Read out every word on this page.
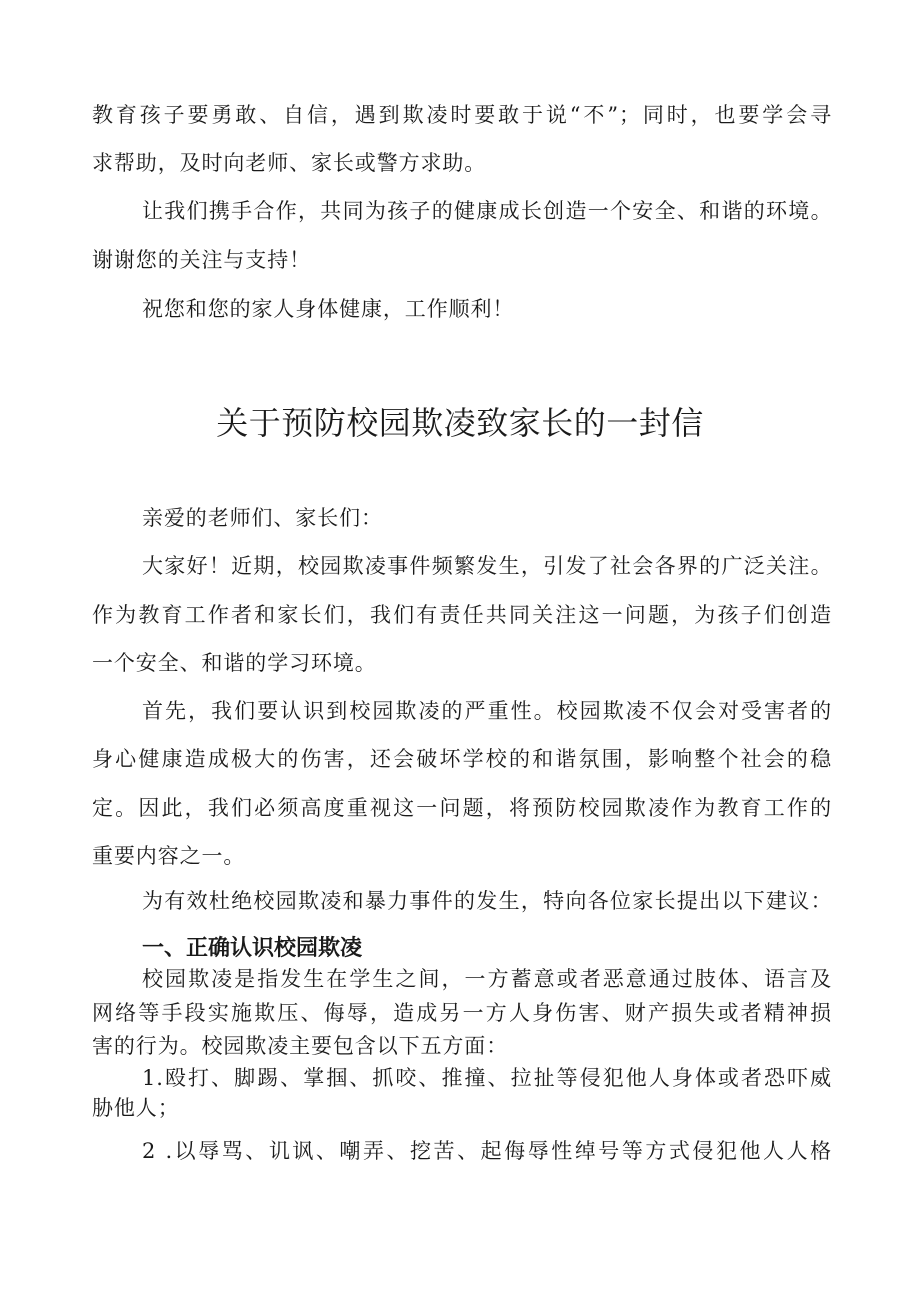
教育孩子要勇敢、自信，遇到欺凌时要敢于说“不”；同时，也要学会寻
求帮助，及时向老师、家长或警方求助。
让我们携手合作，共同为孩子的健康成长创造一个安全、和谐的环境。
谢谢您的关注与支持！
祝您和您的家人身体健康，工作顺利！
关于预防校园欺凌致家长的一封信
亲爱的老师们、家长们：
大家好！近期，校园欺凌事件频繁发生，引发了社会各界的广泛关注。
作为教育工作者和家长们，我们有责任共同关注这一问题，为孩子们创造
一个安全、和谐的学习环境。
首先，我们要认识到校园欺凌的严重性。校园欺凌不仅会对受害者的
身心健康造成极大的伤害，还会破坏学校的和谐氛围，影响整个社会的稳
定。因此，我们必须高度重视这一问题，将预防校园欺凌作为教育工作的
重要内容之一。
为有效杜绝校园欺凌和暴力事件的发生，特向各位家长提出以下建议：
一、正确认识校园欺凌
校园欺凌是指发生在学生之间，一方蓄意或者恶意通过肢体、语言及
网络等手段实施欺压、侮辱，造成另一方人身伤害、财产损失或者精神损
害的行为。校园欺凌主要包含以下五方面：
1.殴打、脚踢、掌掴、抓咬、推撞、拉扯等侵犯他人身体或者恐吓威
胁他人；
2 .以辱骂、讥讽、嘲弄、挖苦、起侮辱性绰号等方式侵犯他人人格
